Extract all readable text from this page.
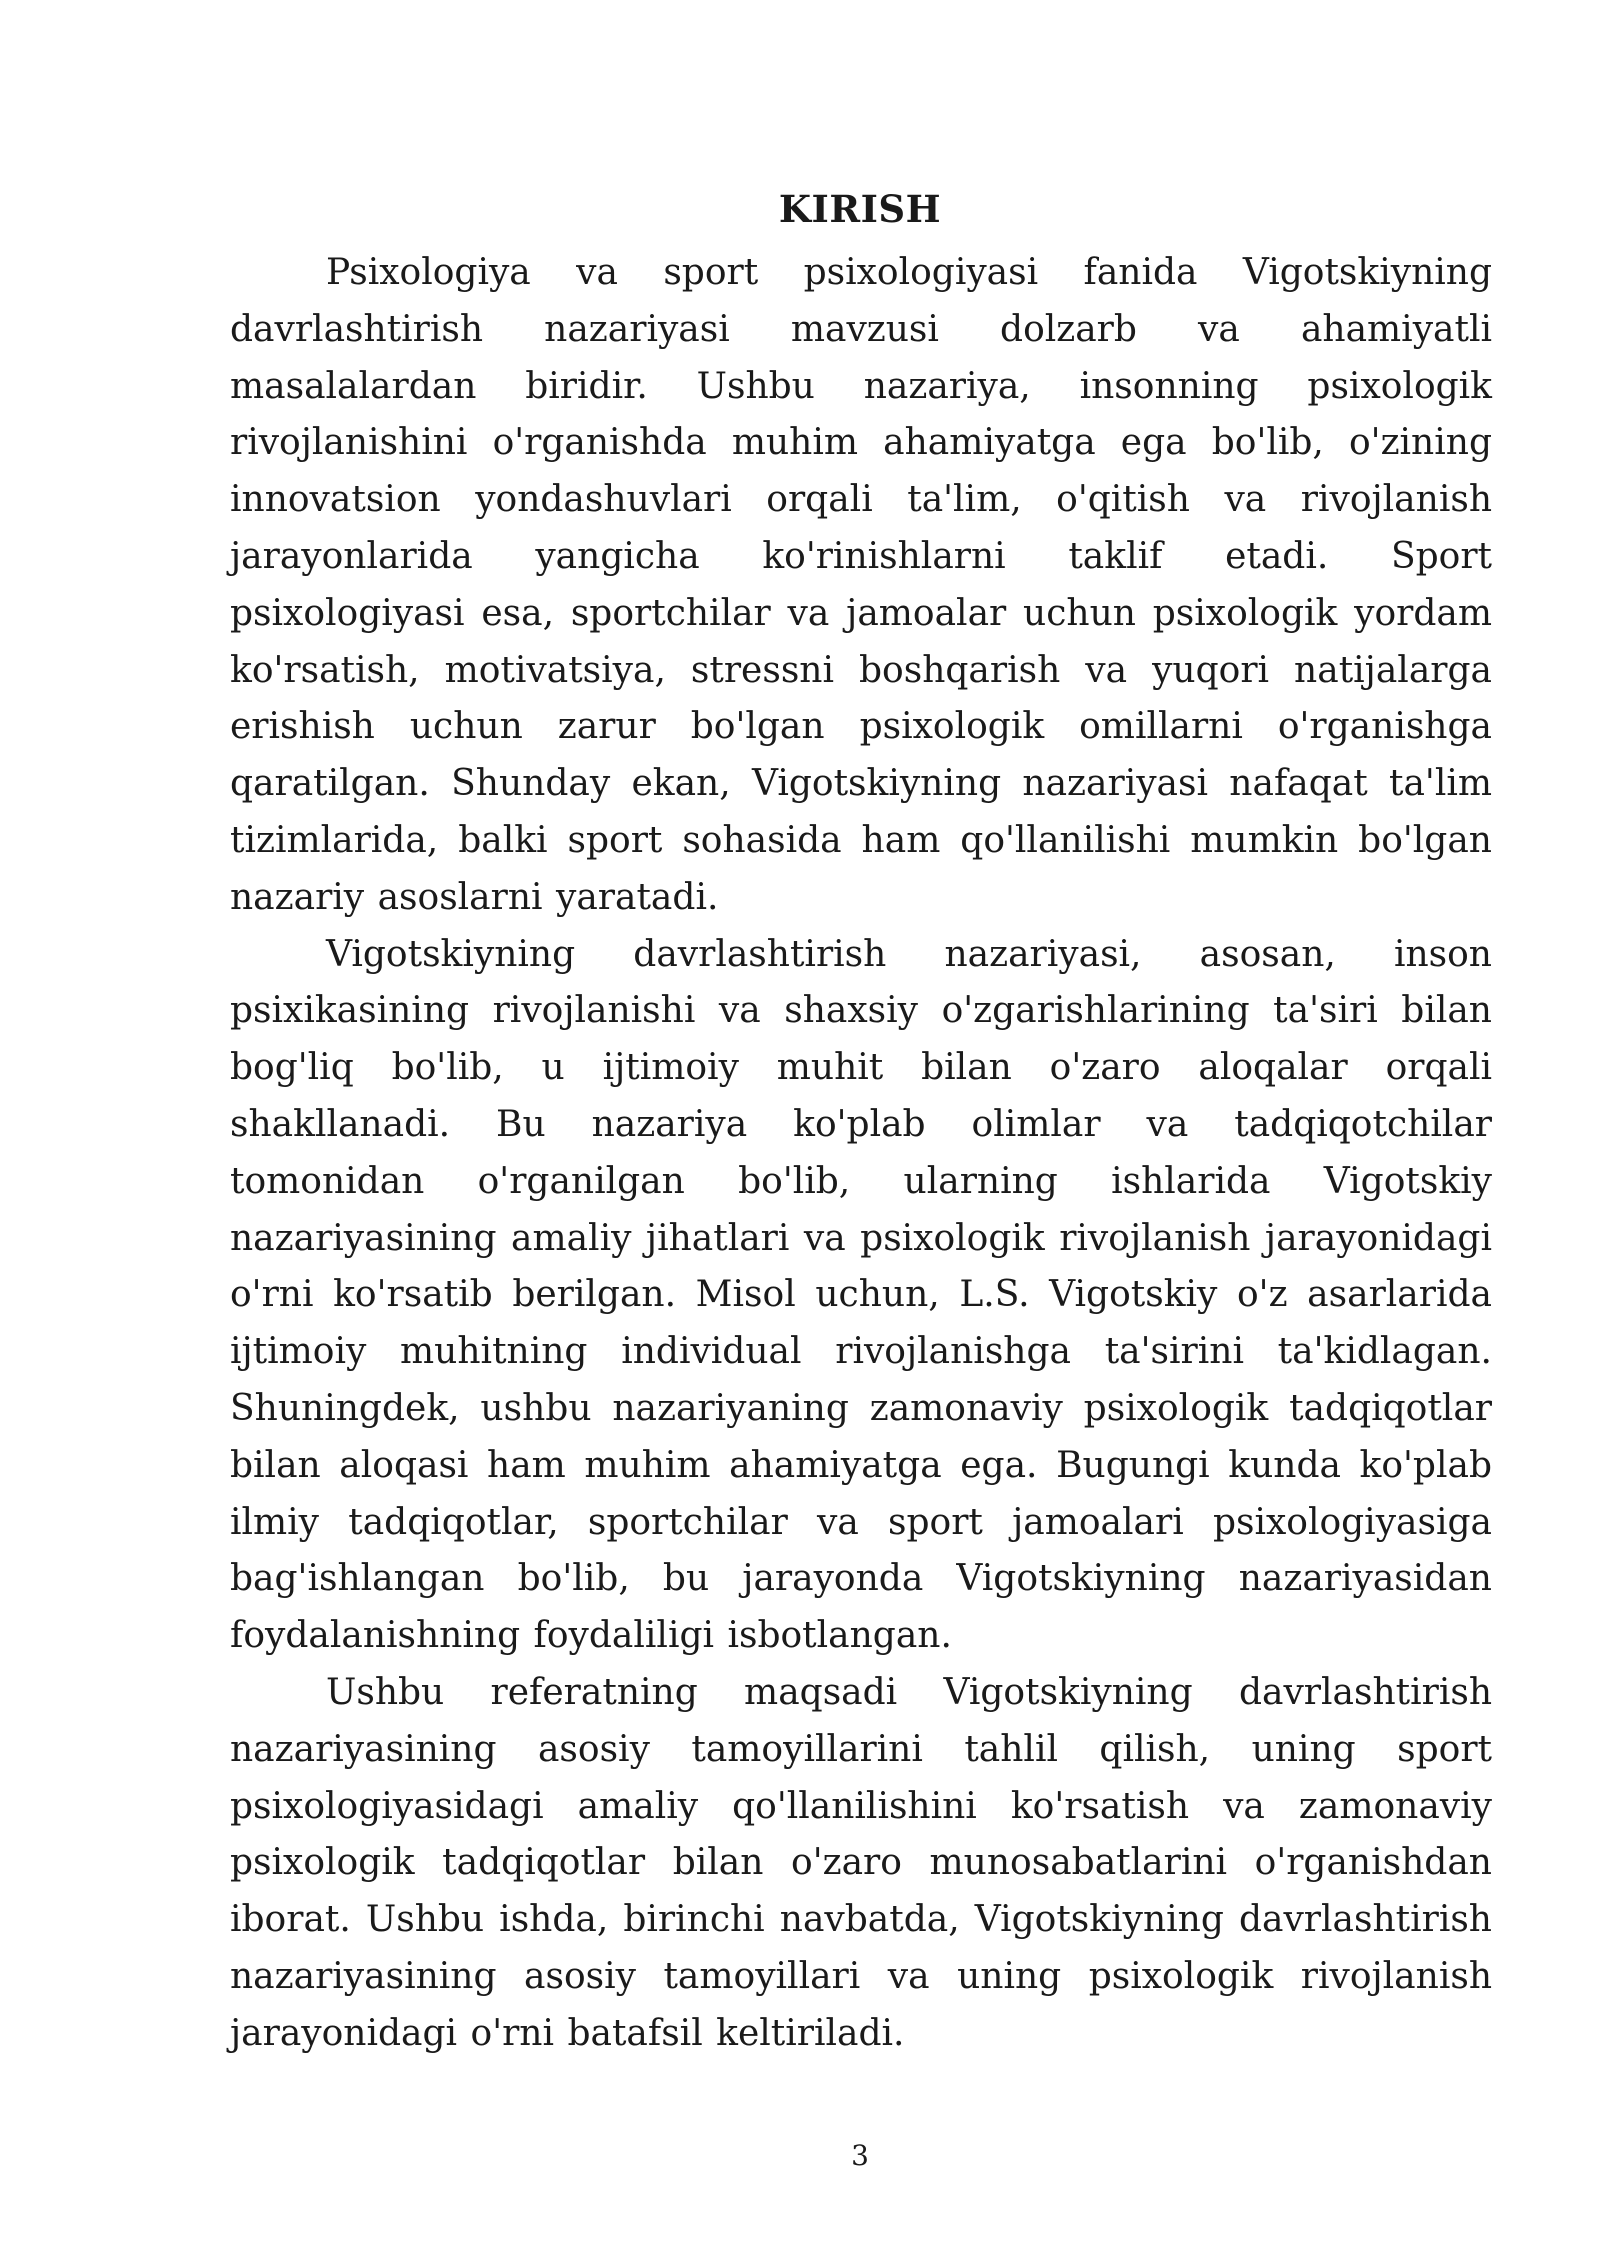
KIRISH

Psixologiya va sport psixologiyasi fanida Vigotskiyning davrlashtirish nazariyasi mavzusi dolzarb va ahamiyatli masalalardan biridir. Ushbu nazariya, insonning psixologik rivojlanishini o'rganishda muhim ahamiyatga ega bo'lib, o'zining innovatsion yondashuvlari orqali ta'lim, o'qitish va rivojlanish jarayonlarida yangicha ko'rinishlarni taklif etadi. Sport psixologiyasi esa, sportchilar va jamoalar uchun psixologik yordam ko'rsatish, motivatsiya, stressni boshqarish va yuqori natijalarga erishish uchun zarur bo'lgan psixologik omillarni o'rganishga qaratilgan. Shunday ekan, Vigotskiyning nazariyasi nafaqat ta'lim tizimlarida, balki sport sohasida ham qo'llanilishi mumkin bo'lgan nazariy asoslarni yaratadi.

Vigotskiyning davrlashtirish nazariyasi, asosan, inson psixikasining rivojlanishi va shaxsiy o'zgarishlarining ta'siri bilan bog'liq bo'lib, u ijtimoiy muhit bilan o'zaro aloqalar orqali shakllanadi. Bu nazariya ko'plab olimlar va tadqiqotchilar tomonidan o'rganilgan bo'lib, ularning ishlarida Vigotskiy nazariyasining amaliy jihatlari va psixologik rivojlanish jarayonidagi o'rni ko'rsatib berilgan. Misol uchun, L.S. Vigotskiy o'z asarlarida ijtimoiy muhitning individual rivojlanishga ta'sirini ta'kidlagan. Shuningdek, ushbu nazariyaning zamonaviy psixologik tadqiqotlar bilan aloqasi ham muhim ahamiyatga ega. Bugungi kunda ko'plab ilmiy tadqiqotlar, sportchilar va sport jamoalari psixologiyasiga bag'ishlangan bo'lib, bu jarayonda Vigotskiyning nazariyasidan foydalanishning foydaliligi isbotlangan.

Ushbu referatning maqsadi Vigotskiyning davrlashtirish nazariyasining asosiy tamoyillarini tahlil qilish, uning sport psixologiyasidagi amaliy qo'llanilishini ko'rsatish va zamonaviy psixologik tadqiqotlar bilan o'zaro munosabatlarini o'rganishdan iborat. Ushbu ishda, birinchi navbatda, Vigotskiyning davrlashtirish nazariyasining asosiy tamoyillari va uning psixologik rivojlanish jarayonidagi o'rni batafsil keltiriladi.

3
